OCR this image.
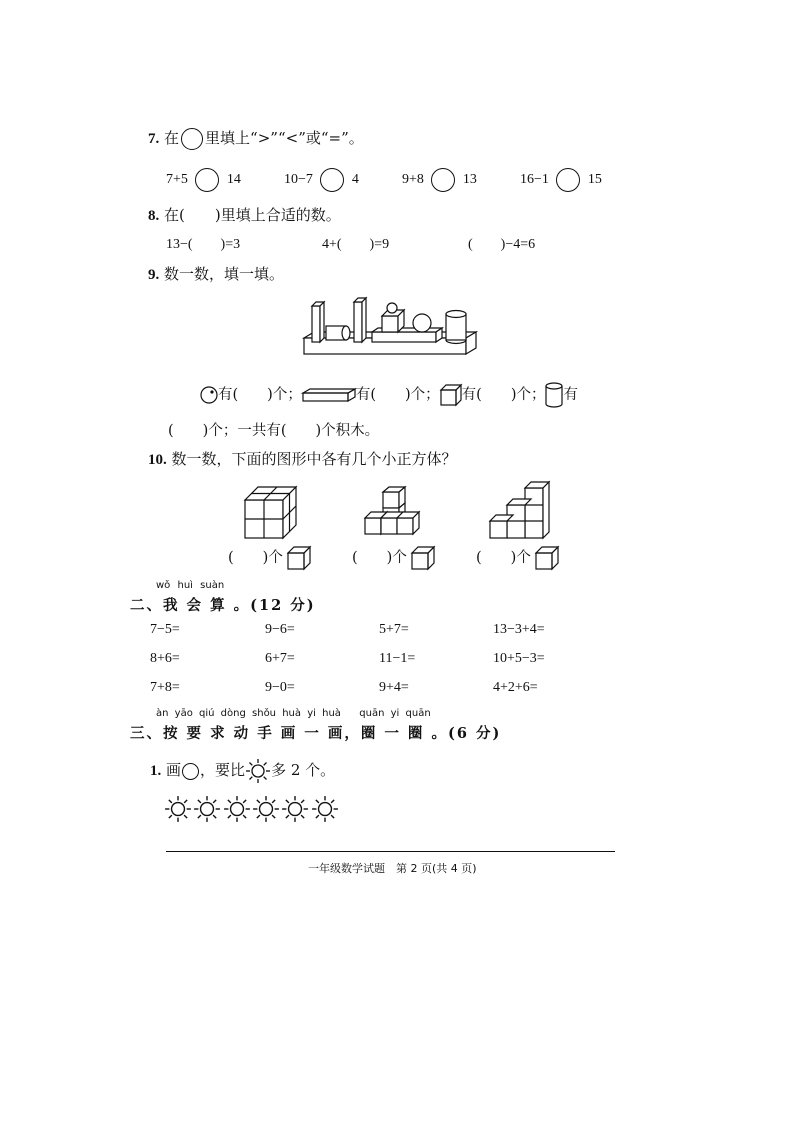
7. 在 里填上“>”“<”或“=”。
7+5	14	10−7	4	9+8	13	16−1	15
8. 在(　　)里填上合适的数。
13−(　　)=3	4+(　　)=9	(　　)−4=6
9. 数一数，填一填。
有(　　)个；	有(　　)个； 有(　　)个； 有
(　　)个；一共有(　　)个积木。
10. 数一数，下面的图形中各有几个小正方体？
(　　)个	(　　)个	(　　)个
wǒ huì suàn
二、我 会 算 。(12 分)
7−5=	9−6=	5+7=	13−3+4=
8+6=	6+7=	11−1=	10+5−3=
7+8=	9−0=	9+4=	4+2+6=
àn yāo qiú dòng shǒu huà yi huà quān yi quān
三、按 要 求 动 手 画 一 画，圈 一 圈 。(6 分)
1. 画 ，要比 多 2 个。
一年级数学试题　第 2 页(共 4 页)
